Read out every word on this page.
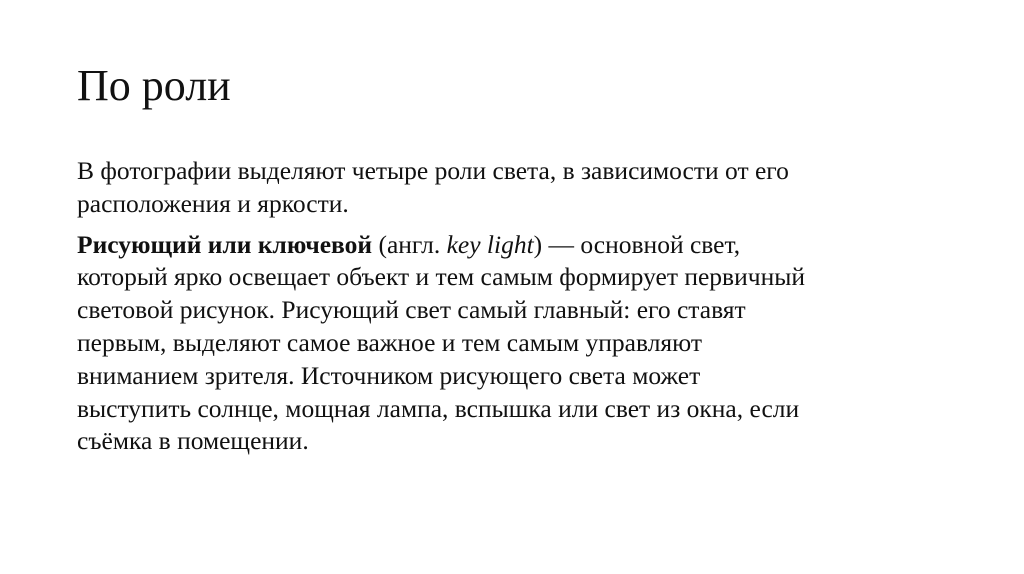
По роли

В фотографии выделяют четыре роли света, в зависимости от его
расположения и яркости.

Рисующий или ключевой (англ. key light) — основной свет,
который ярко освещает объект и тем самым формирует первичный
световой рисунок. Рисующий свет самый главный: его ставят
первым, выделяют самое важное и тем самым управляют
вниманием зрителя. Источником рисующего света может
выступить солнце, мощная лампа, вспышка или свет из окна, если
съёмка в помещении.
